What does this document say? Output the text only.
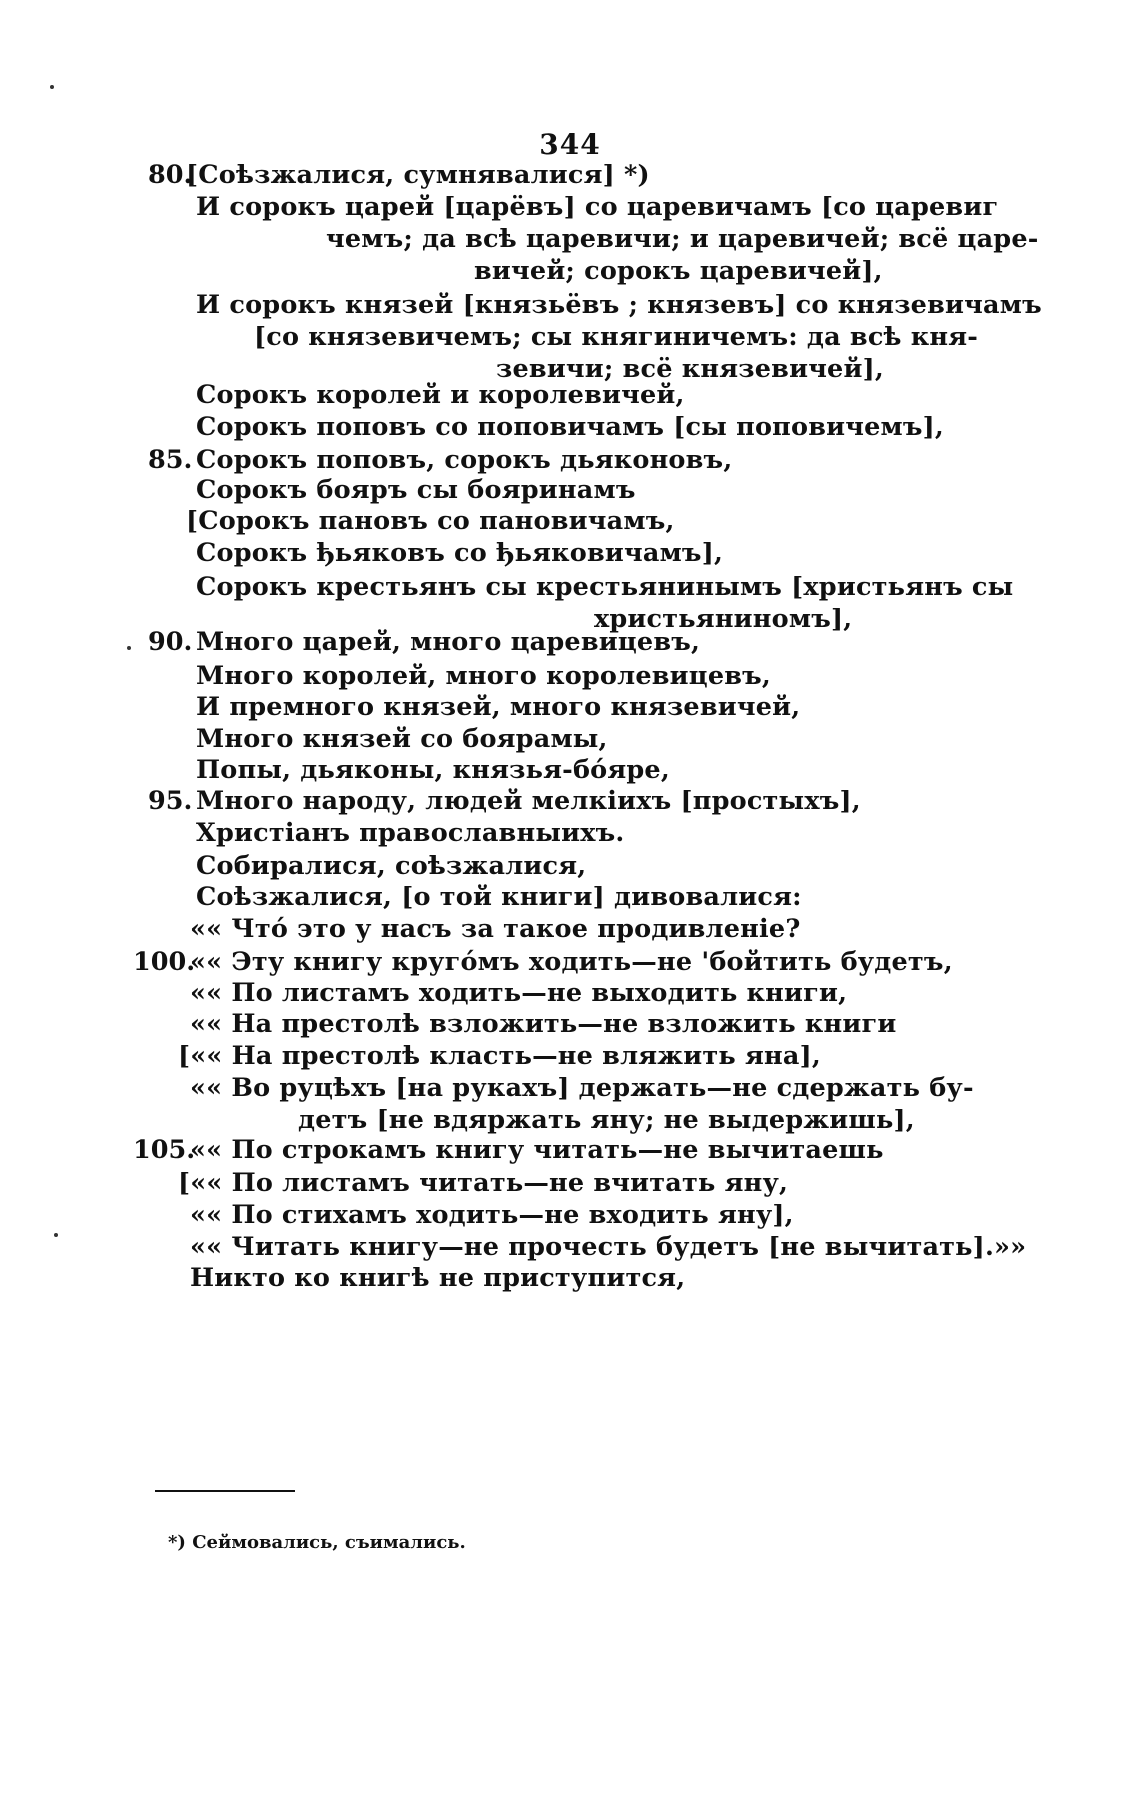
344
80.
85.
90.
95.
100.
105.
[Соѣзжалися, сумнявалися] *)
И сорокъ царей [царёвъ] со царевичамъ [со царевиг
чемъ; да всѣ царевичи; и царевичей; всё царе-
вичей; сорокъ царевичей],
И сорокъ князей [князьёвъ ; князевъ] со князевичамъ
[со князевичемъ; сы княгиничемъ: да всѣ кня-
зевичи; всё князевичей],
Сорокъ королей и королевичей,
Сорокъ поповъ со поповичамъ [сы поповичемъ],
Сорокъ поповъ, сорокъ дьяконовъ,
Сорокъ бояръ сы бояринамъ
[Сорокъ пановъ со пановичамъ,
Сорокъ ђьяковъ со ђьяковичамъ],
Сорокъ крестьянъ сы крестьянинымъ [христьянъ сы
христьяниномъ],
Много царей, много царевицевъ,
Много королей, много королевицевъ,
И премного князей, много князевичей,
Много князей со боярамы,
Попы, дьяконы, князья-бо́яре,
Много народу, людей мелкіихъ [простыхъ],
Христіанъ православныихъ.
Собиралися, соѣзжалися,
Соѣзжалися, [о той книги] дивовалися:
«« Что́ это у насъ за такое продивленіе?
«« Эту книгу круго́мъ ходить—не 'бойтить будетъ,
«« По листамъ ходить—не выходить книги,
«« На престолѣ взложить—не взложить книги
[«« На престолѣ класть—не вляжить яна],
«« Во руцѣхъ [на рукахъ] держать—не сдержать бу-
детъ [не вдяржать яну; не выдержишь],
«« По строкамъ книгу читать—не вычитаешь
[«« По листамъ читать—не вчитать яну,
«« По стихамъ ходить—не входить яну],
«« Читать книгу—не прочесть будетъ [не вычитать].»»
Никто ко книгѣ не приступится,
*) Сеймовались, съимались.
